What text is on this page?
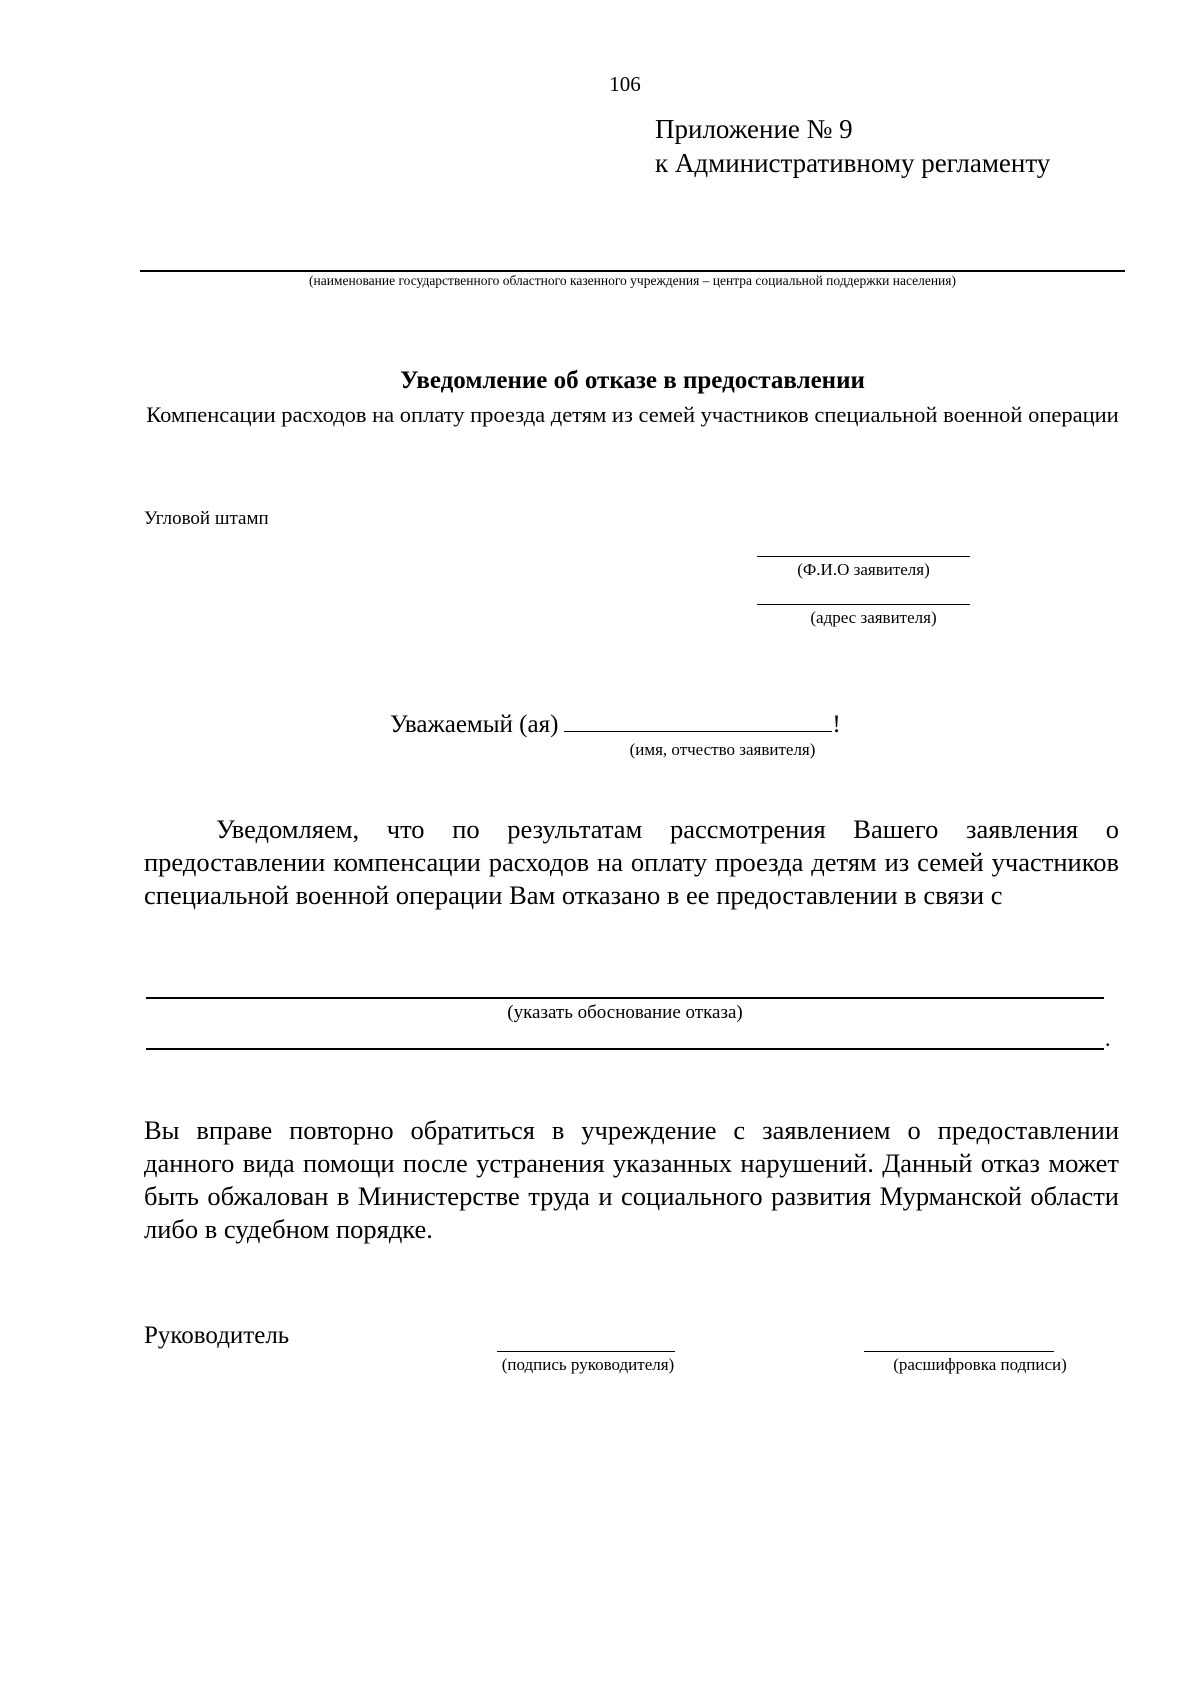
106
Приложение № 9
к Административному регламенту
(наименование государственного областного казенного учреждения – центра социальной поддержки населения)
Уведомление об отказе в предоставлении
Компенсации расходов на оплату проезда детям из семей участников специальной военной операции
Угловой штамп
(Ф.И.О заявителя)
(адрес заявителя)
Уважаемый (ая)	!
(имя, отчество заявителя)
Уведомляем, что по результатам рассмотрения Вашего заявления о предоставлении компенсации расходов на оплату проезда детям из семей участников специальной военной операции Вам отказано в ее предоставлении в связи с
(указать обоснование отказа)
.
Вы вправе повторно обратиться в учреждение с заявлением о предоставлении данного вида помощи после устранения указанных нарушений. Данный отказ может быть обжалован в Министерстве труда и социального развития Мурманской области либо в судебном порядке.
Руководитель
(подпись руководителя)	(расшифровка подписи)
